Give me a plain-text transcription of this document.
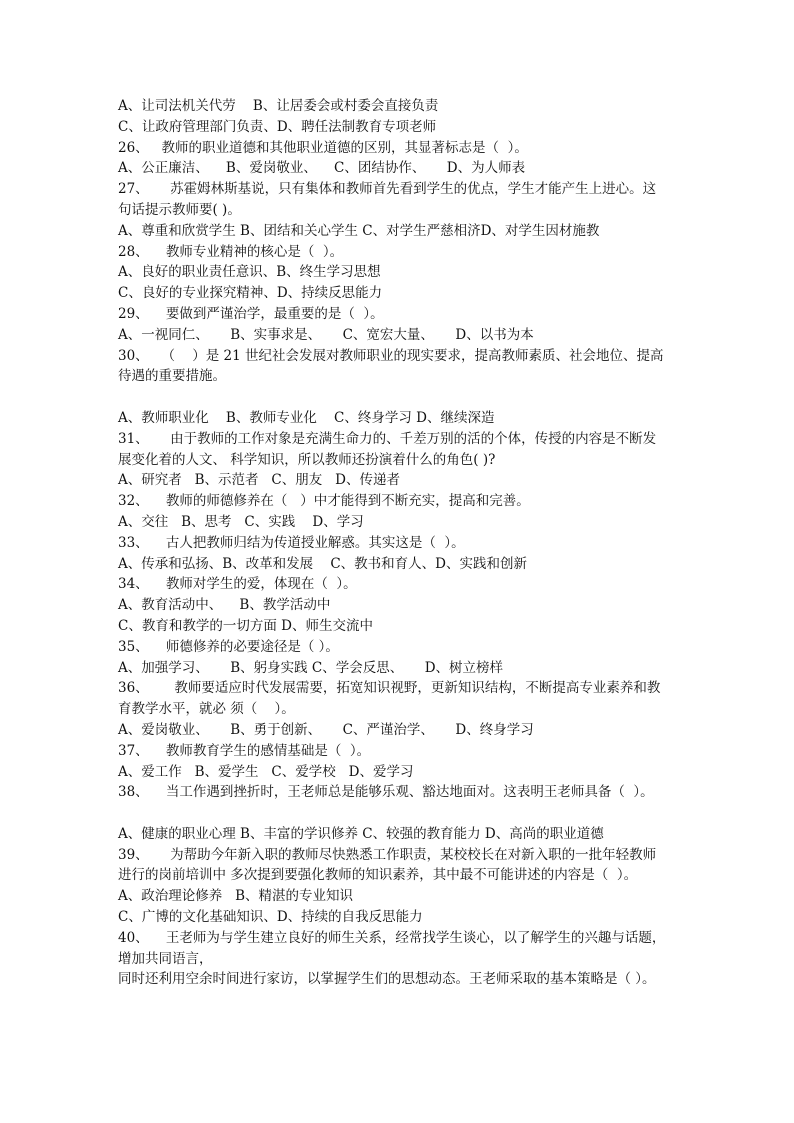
A、让司法机关代劳    B、让居委会或村委会直接负责
C、让政府管理部门负责、D、聘任法制教育专项老师
26、   教师的职业道德和其他职业道德的区别，其显著标志是（  ）。
A、公正廉洁、    B、爱岗敬业、    C、团结协作、     D、为人师表
27、     苏霍姆林斯基说，只有集体和教师首先看到学生的优点，学生才能产生上进心。这
句话提示教师要( )。
A、尊重和欣赏学生 B、团结和关心学生 C、对学生严慈相济D、对学生因材施教
28、    教师专业精神的核心是（  ）。
A、良好的职业责任意识、B、终生学习思想
C、良好的专业探究精神、D、持续反思能力
29、    要做到严谨治学，最重要的是（  ）。
A、一视同仁、     B、实事求是、     C、宽宏大量、     D、以书为本
30、   （    ）是 21 世纪社会发展对教师职业的现实要求，提高教师素质、社会地位、提高
待遇的重要措施。
A、教师职业化    B、教师专业化    C、终身学习 D、继续深造
31、     由于教师的工作对象是充满生命力的、千差万别的活的个体，传授的内容是不断发
展变化着的人文、 科学知识，所以教师还扮演着什么的角色( )?
A、研究者   B、示范者   C、朋友   D、传递者
32、    教师的师德修养在（   ）中才能得到不断充实，提高和完善。
A、交往   B、思考   C、实践    D、学习
33、    古人把教师归结为传道授业解惑。其实这是（  ）。
A、传承和弘扬、B、改革和发展    C、教书和育人、D、实践和创新
34、    教师对学生的爱，体现在（  ）。
A、教育活动中、    B、教学活动中
C、教育和教学的一切方面 D、师生交流中
35、    师德修养的必要途径是（ ）。
A、加强学习、     B、躬身实践 C、学会反思、     D、树立榜样
36、      教师要适应时代发展需要，拓宽知识视野，更新知识结构，不断提高专业素养和教
育教学水平，就必 须（    ）。
A、爱岗敬业、     B、勇于创新、     C、严谨治学、     D、终身学习
37、    教师教育学生的感情基础是（  ）。
A、爱工作   B、爱学生   C、爱学校   D、爱学习
38、    当工作遇到挫折时，王老师总是能够乐观、豁达地面对。这表明王老师具备（  ）。
A、健康的职业心理 B、丰富的学识修养 C、较强的教育能力 D、高尚的职业道德
39、     为帮助今年新入职的教师尽快熟悉工作职责，某校校长在对新入职的一批年轻教师
进行的岗前培训中 多次提到要强化教师的知识素养，其中最不可能讲述的内容是（  ）。
A、政治理论修养   B、精湛的专业知识
C、广博的文化基础知识、D、持续的自我反思能力
40、    王老师为与学生建立良好的师生关系，经常找学生谈心，以了解学生的兴趣与话题，
增加共同语言，
同时还利用空余时间进行家访，以掌握学生们的思想动态。王老师采取的基本策略是（ ）。
